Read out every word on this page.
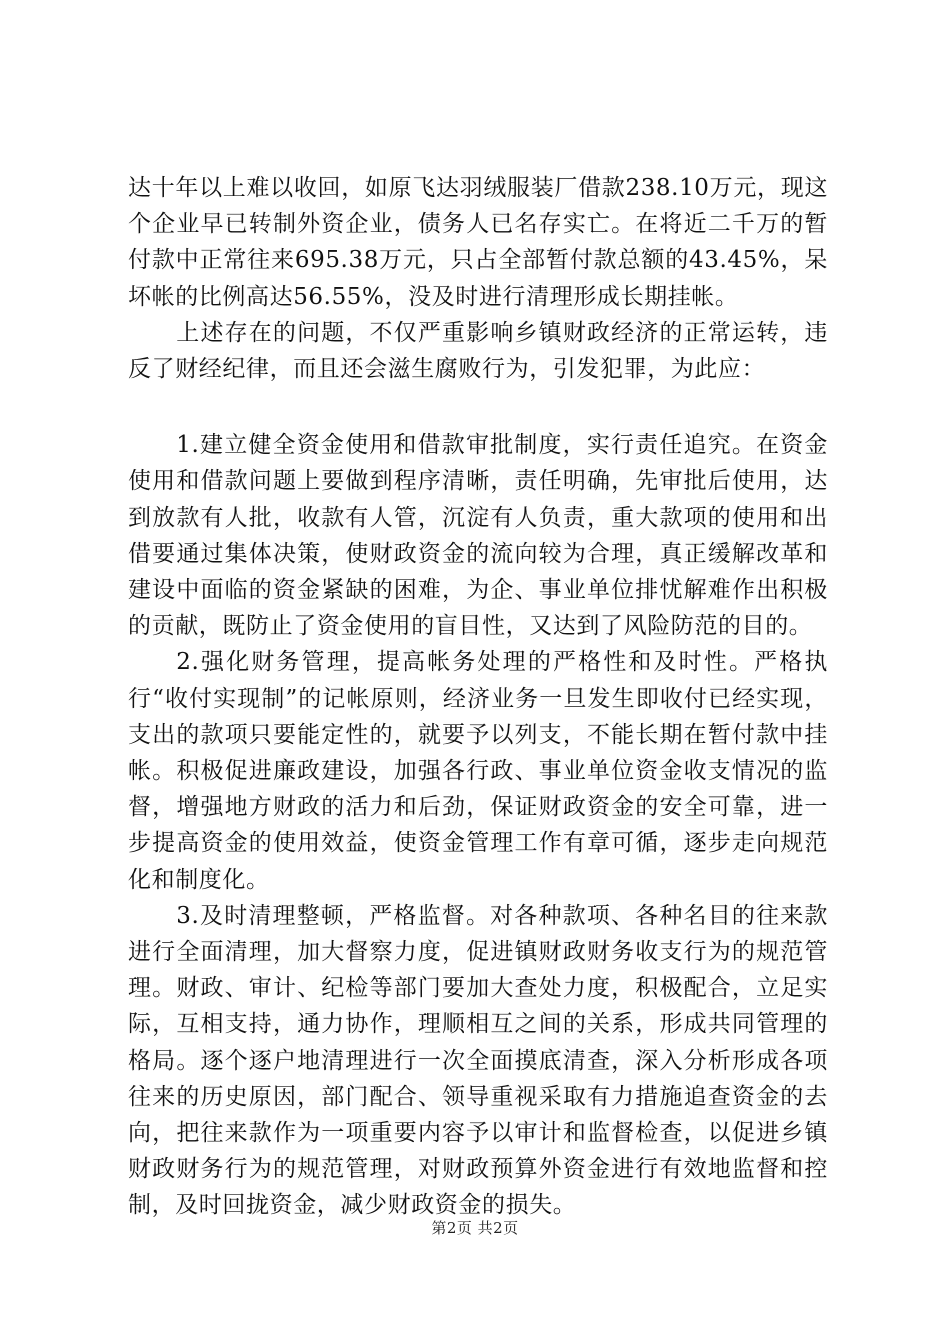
达十年以上难以收回，如原飞达羽绒服装厂借款238.10万元，现这个企业早已转制外资企业，债务人已名存实亡。在将近二千万的暂付款中正常往来695.38万元，只占全部暂付款总额的43.45%，呆坏帐的比例高达56.55%，没及时进行清理形成长期挂帐。

上述存在的问题，不仅严重影响乡镇财政经济的正常运转，违反了财经纪律，而且还会滋生腐败行为，引发犯罪，为此应：

1.建立健全资金使用和借款审批制度，实行责任追究。在资金使用和借款问题上要做到程序清晰，责任明确，先审批后使用，达到放款有人批，收款有人管，沉淀有人负责，重大款项的使用和出借要通过集体决策，使财政资金的流向较为合理，真正缓解改革和建设中面临的资金紧缺的困难，为企、事业单位排忧解难作出积极的贡献，既防止了资金使用的盲目性，又达到了风险防范的目的。

2.强化财务管理，提高帐务处理的严格性和及时性。严格执行“收付实现制”的记帐原则，经济业务一旦发生即收付已经实现，支出的款项只要能定性的，就要予以列支，不能长期在暂付款中挂帐。积极促进廉政建设，加强各行政、事业单位资金收支情况的监督，增强地方财政的活力和后劲，保证财政资金的安全可靠，进一步提高资金的使用效益，使资金管理工作有章可循，逐步走向规范化和制度化。

3.及时清理整顿，严格监督。对各种款项、各种名目的往来款进行全面清理，加大督察力度，促进镇财政财务收支行为的规范管理。财政、审计、纪检等部门要加大查处力度，积极配合，立足实际，互相支持，通力协作，理顺相互之间的关系，形成共同管理的格局。逐个逐户地清理进行一次全面摸底清查，深入分析形成各项往来的历史原因，部门配合、领导重视采取有力措施追查资金的去向，把往来款作为一项重要内容予以审计和监督检查，以促进乡镇财政财务行为的规范管理，对财政预算外资金进行有效地监督和控制，及时回拢资金，减少财政资金的损失。

第2页 共2页
